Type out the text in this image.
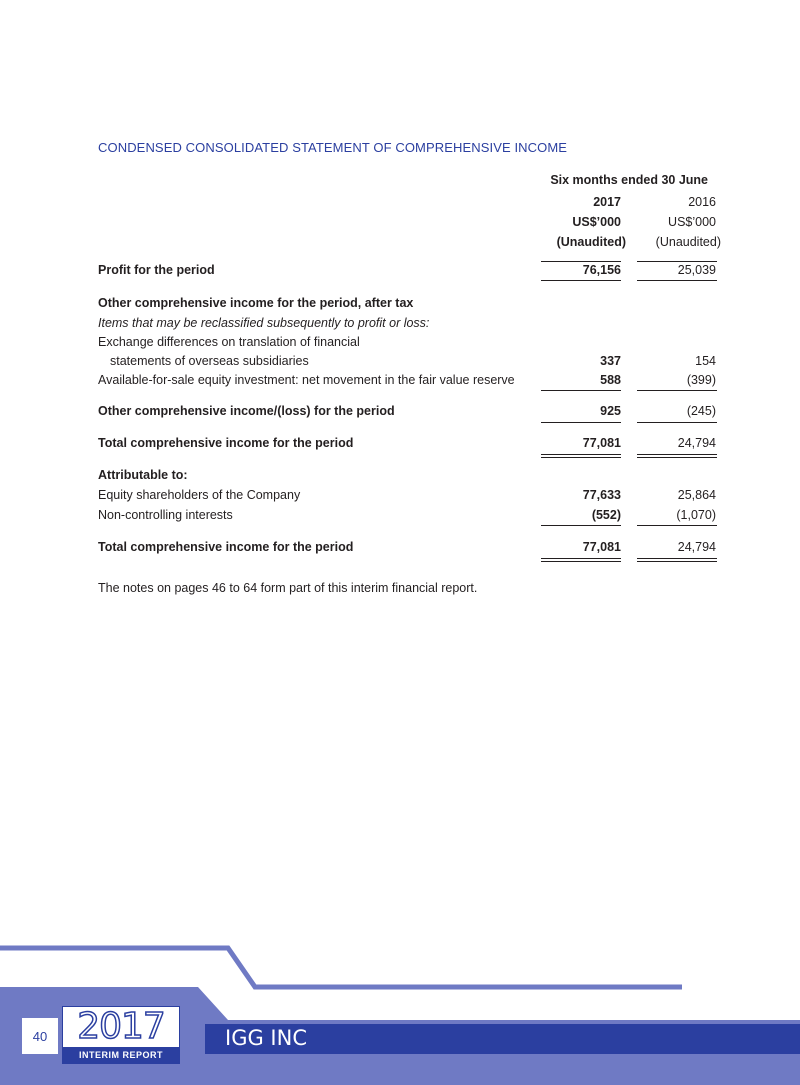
CONDENSED CONSOLIDATED STATEMENT OF COMPREHENSIVE INCOME
Six months ended 30 June
2017	2016
US$’000	US$’000
(Unaudited) (Unaudited)
Profit for the period	76,156	25,039
Other comprehensive income for the period, after tax
Items that may be reclassified subsequently to profit or loss:
Exchange differences on translation of financial
statements of overseas subsidiaries	337	154
Available-for-sale equity investment: net movement in the fair value reserve	588	(399)
Other comprehensive income/(loss) for the period	925	(245)
Total comprehensive income for the period	77,081	24,794
Attributable to:
Equity shareholders of the Company	77,633	25,864
Non-controlling interests	(552)	(1,070)
Total comprehensive income for the period	77,081	24,794
The notes on pages 46 to 64 form part of this interim financial report.
40 2017
INTERIM REPORT
IGG INC
